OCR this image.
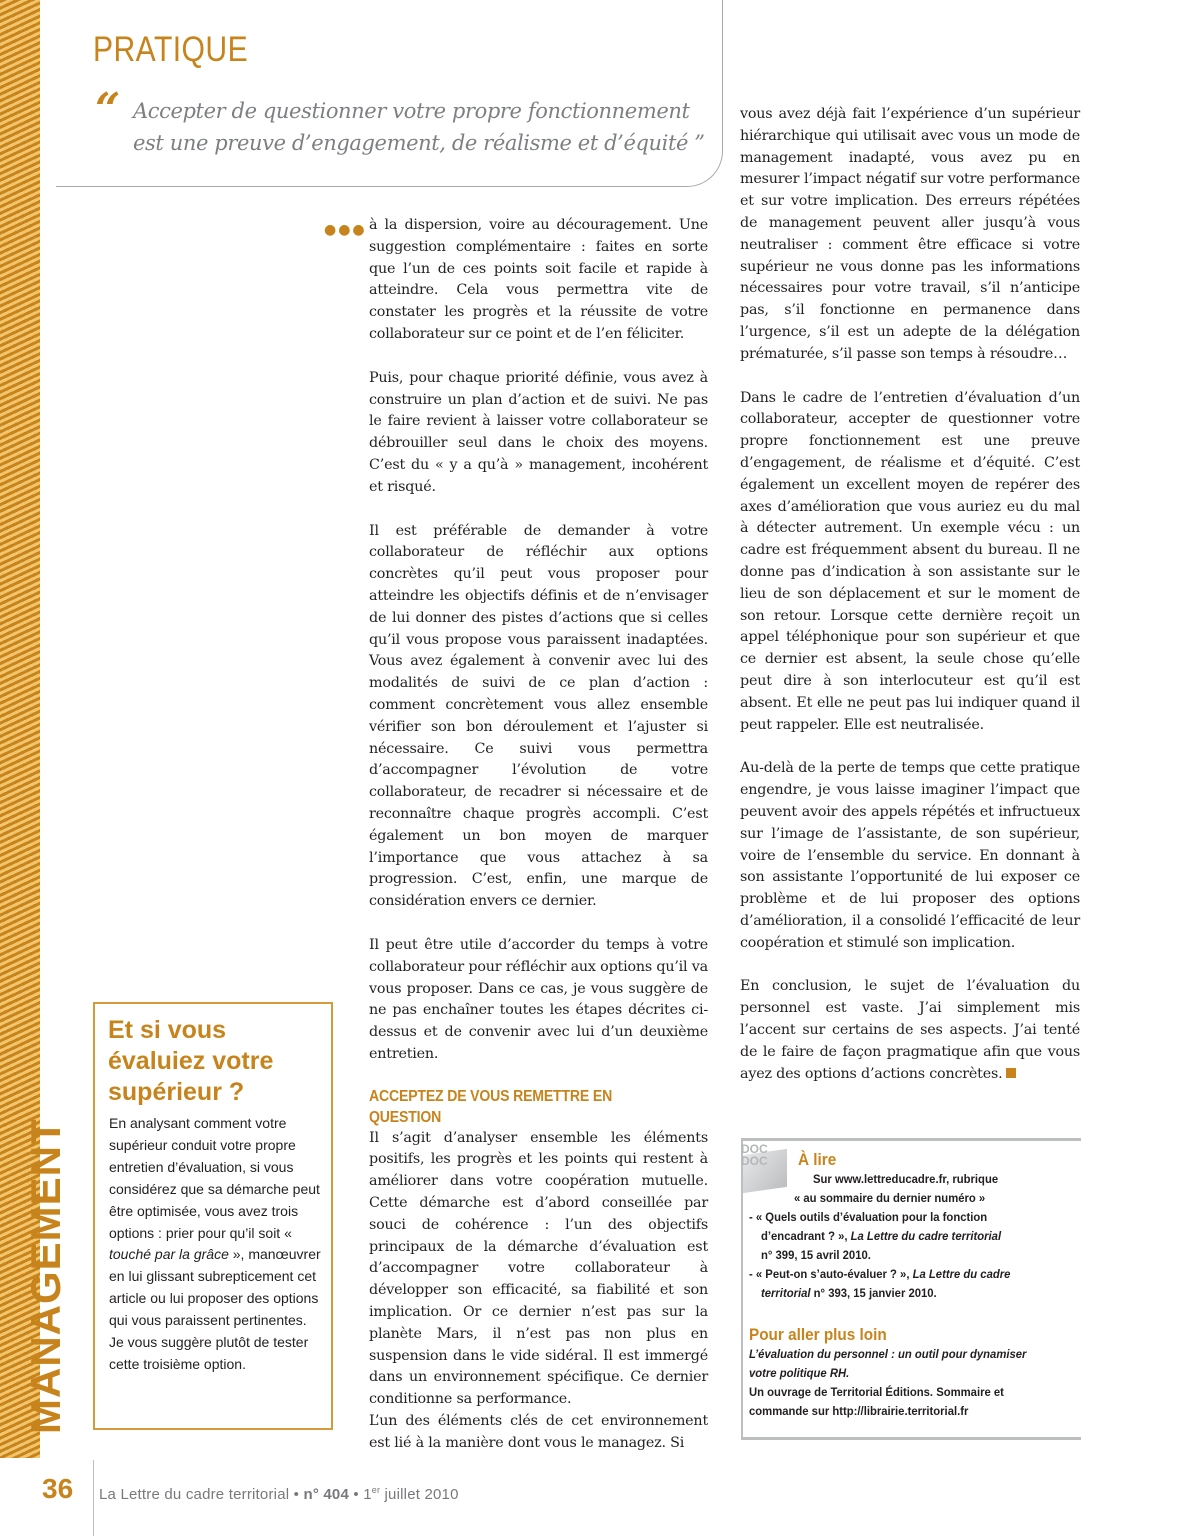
MANAGEMENT
PRATIQUE
“ Accepter de questionner votre propre fonctionnement est une preuve d’engagement, de réalisme et d’équité ”
●●● à la dispersion, voire au découragement. Une suggestion complémentaire : faites en sorte que l’un de ces points soit facile et rapide à atteindre. Cela vous permettra vite de constater les progrès et la réussite de votre collaborateur sur ce point et de l’en féliciter.

Puis, pour chaque priorité définie, vous avez à construire un plan d’action et de suivi. Ne pas le faire revient à laisser votre collaborateur se débrouiller seul dans le choix des moyens. C’est du « y a qu’à » management, incohérent et risqué.

Il est préférable de demander à votre collaborateur de réfléchir aux options concrètes qu’il peut vous proposer pour atteindre les objectifs définis et de n’envisager de lui donner des pistes d’actions que si celles qu’il vous propose vous paraissent inadaptées. Vous avez également à convenir avec lui des modalités de suivi de ce plan d’action : comment concrètement vous allez ensemble vérifier son bon déroulement et l’ajuster si nécessaire. Ce suivi vous permettra d’accompagner l’évolution de votre collaborateur, de recadrer si nécessaire et de reconnaître chaque progrès accompli. C’est également un bon moyen de marquer l’importance que vous attachez à sa progression. C’est, enfin, une marque de considération envers ce dernier.

Il peut être utile d’accorder du temps à votre collaborateur pour réfléchir aux options qu’il va vous proposer. Dans ce cas, je vous suggère de ne pas enchaîner toutes les étapes décrites ci-dessus et de convenir avec lui d’un deuxième entretien.

ACCEPTEZ DE VOUS REMETTRE EN QUESTION

Il s’agit d’analyser ensemble les éléments positifs, les progrès et les points qui restent à améliorer dans votre coopération mutuelle. Cette démarche est d’abord conseillée par souci de cohérence : l’un des objectifs principaux de la démarche d’évaluation est d’accompagner votre collaborateur à développer son efficacité, sa fiabilité et son implication. Or ce dernier n’est pas sur la planète Mars, il n’est pas non plus en suspension dans le vide sidéral. Il est immergé dans un environnement spécifique. Ce dernier conditionne sa performance.

L’un des éléments clés de cet environnement est lié à la manière dont vous le managez. Si

vous avez déjà fait l’expérience d’un supérieur hiérarchique qui utilisait avec vous un mode de management inadapté, vous avez pu en mesurer l’impact négatif sur votre performance et sur votre implication. Des erreurs répétées de management peuvent aller jusqu’à vous neutraliser : comment être efficace si votre supérieur ne vous donne pas les informations nécessaires pour votre travail, s’il n’anticipe pas, s’il fonctionne en permanence dans l’urgence, s’il est un adepte de la délégation prématurée, s’il passe son temps à résoudre…

Dans le cadre de l’entretien d’évaluation d’un collaborateur, accepter de questionner votre propre fonctionnement est une preuve d’engagement, de réalisme et d’équité. C’est également un excellent moyen de repérer des axes d’amélioration que vous auriez eu du mal à détecter autrement. Un exemple vécu : un cadre est fréquemment absent du bureau. Il ne donne pas d’indication à son assistante sur le lieu de son déplacement et sur le moment de son retour. Lorsque cette dernière reçoit un appel téléphonique pour son supérieur et que ce dernier est absent, la seule chose qu’elle peut dire à son interlocuteur est qu’il est absent. Et elle ne peut pas lui indiquer quand il peut rappeler. Elle est neutralisée.

Au-delà de la perte de temps que cette pratique engendre, je vous laisse imaginer l’impact que peuvent avoir des appels répétés et infructueux sur l’image de l’assistante, de son supérieur, voire de l’ensemble du service. En donnant à son assistante l’opportunité de lui exposer ce problème et de lui proposer des options d’amélioration, il a consolidé l’efficacité de leur coopération et stimulé son implication.

En conclusion, le sujet de l’évaluation du personnel est vaste. J’ai simplement mis l’accent sur certains de ses aspects. J’ai tenté de le faire de façon pragmatique afin que vous ayez des options d’actions concrètes.

Et si vous évaluiez votre supérieur ?
En analysant comment votre supérieur conduit votre propre entretien d’évaluation, si vous considérez que sa démarche peut être optimisée, vous avez trois options : prier pour qu’il soit « touché par la grâce », manœuvrer en lui glissant subrepticement cet article ou lui proposer des options qui vous paraissent pertinentes. Je vous suggère plutôt de tester cette troisième option.
DOC
DOC À lire
Sur www.lettreducadre.fr, rubrique
« au sommaire du dernier numéro »
- « Quels outils d’évaluation pour la fonction
d’encadrant ? », La Lettre du cadre territorial
n° 399, 15 avril 2010.
- « Peut-on s’auto-évaluer ? », La Lettre du cadre
territorial n° 393, 15 janvier 2010.
Pour aller plus loin
L’évaluation du personnel : un outil pour dynamiser
votre politique RH.
Un ouvrage de Territorial Éditions. Sommaire et
commande sur http://librairie.territorial.fr
36 La Lettre du cadre territorial • n° 404 • 1er juillet 2010
